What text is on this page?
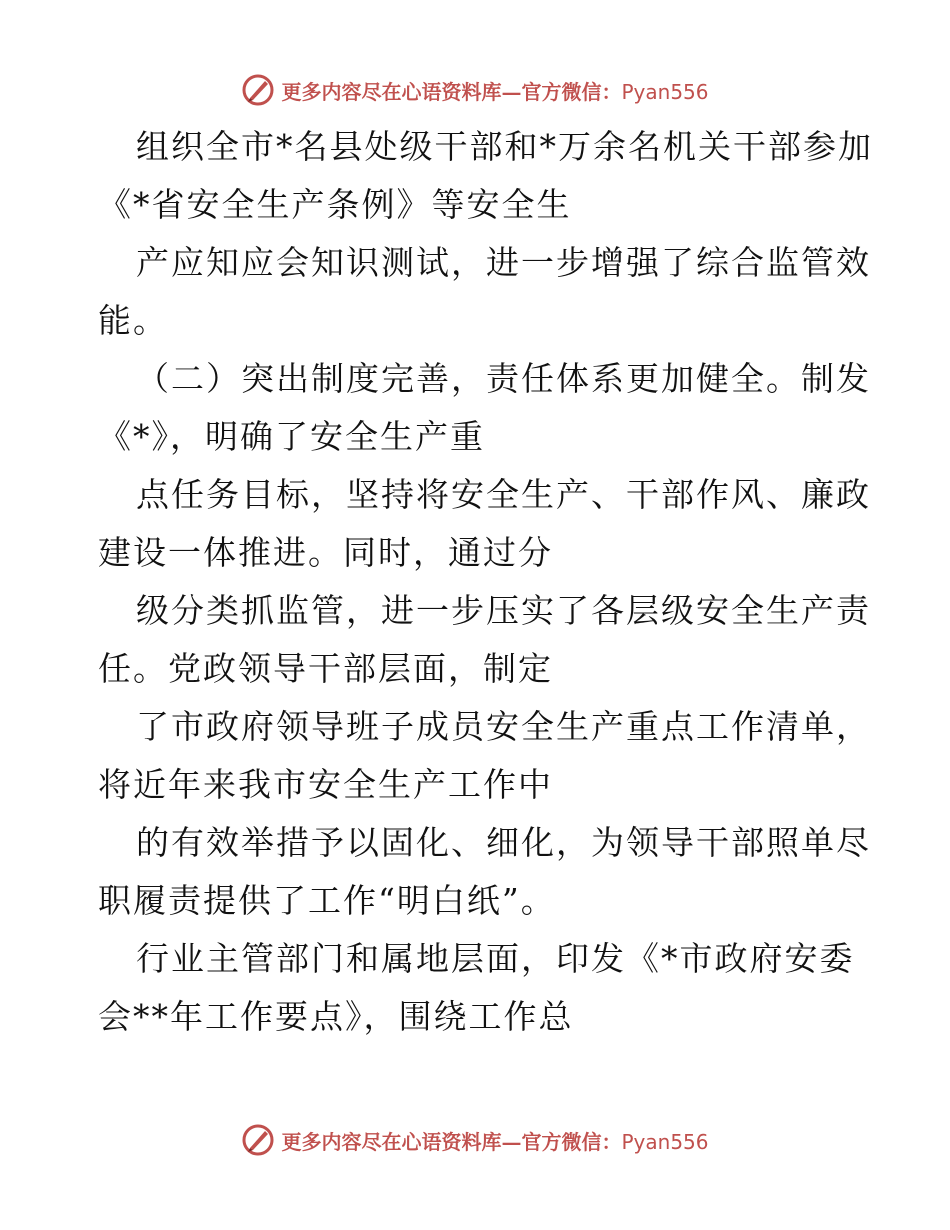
更多内容尽在心语资料库—官方微信：Pyan556
组织全市*名县处级干部和*万余名机关干部参加
《*省安全生产条例》等安全生
产应知应会知识测试，进一步增强了综合监管效
能。
（二）突出制度完善，责任体系更加健全。制发
《*》，明确了安全生产重
点任务目标，坚持将安全生产、干部作风、廉政
建设一体推进。同时，通过分
级分类抓监管，进一步压实了各层级安全生产责
任。党政领导干部层面，制定
了市政府领导班子成员安全生产重点工作清单，
将近年来我市安全生产工作中
的有效举措予以固化、细化，为领导干部照单尽
职履责提供了工作“明白纸”。
行业主管部门和属地层面，印发《*市政府安委
会**年工作要点》，围绕工作总
更多内容尽在心语资料库—官方微信：Pyan556
